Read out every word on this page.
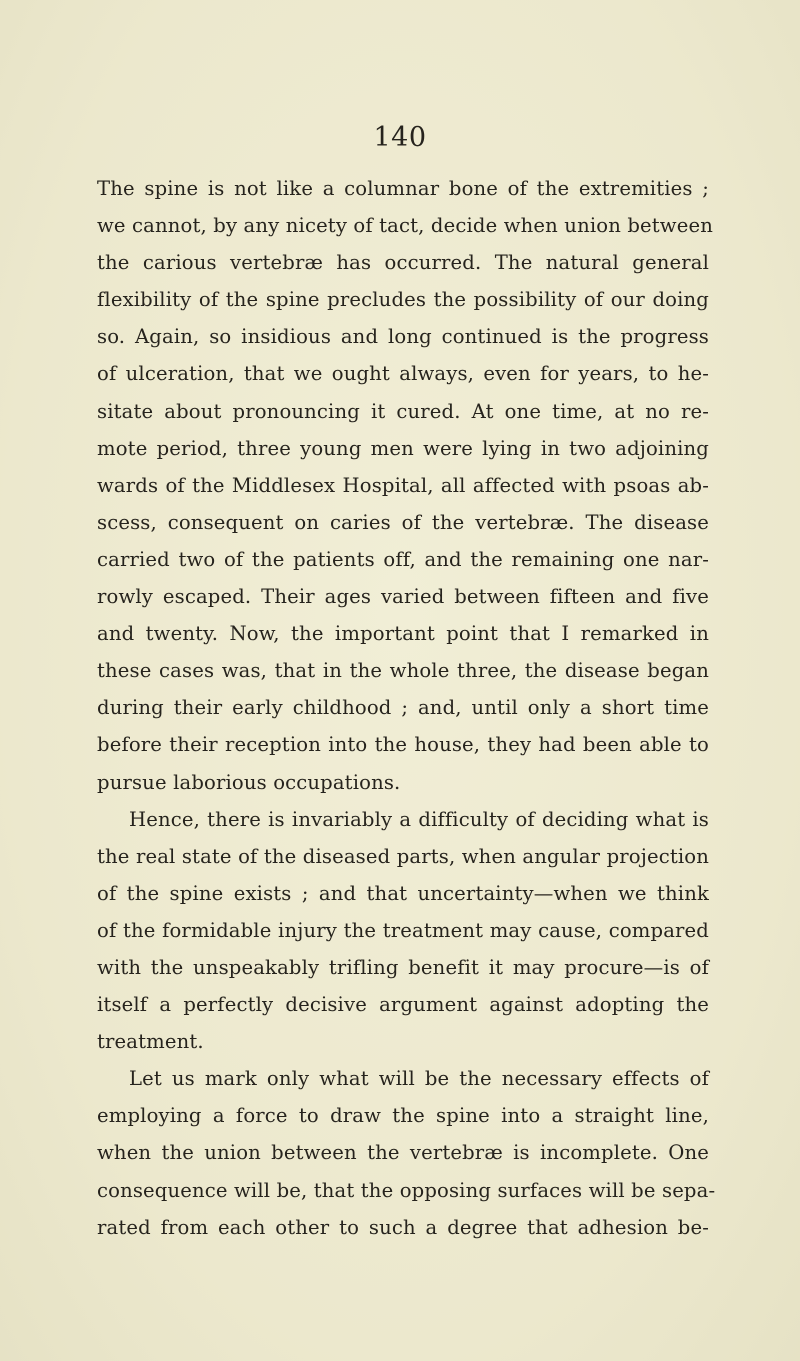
140
The spine is not like a columnar bone of the extremities ;
we cannot, by any nicety of tact, decide when union between
the carious vertebræ has occurred. The natural general
flexibility of the spine precludes the possibility of our doing
so. Again, so insidious and long continued is the progress
of ulceration, that we ought always, even for years, to he-
sitate about pronouncing it cured. At one time, at no re-
mote period, three young men were lying in two adjoining
wards of the Middlesex Hospital, all affected with psoas ab-
scess, consequent on caries of the vertebræ. The disease
carried two of the patients off, and the remaining one nar-
rowly escaped. Their ages varied between fifteen and five
and twenty. Now, the important point that I remarked in
these cases was, that in the whole three, the disease began
during their early childhood ; and, until only a short time
before their reception into the house, they had been able to
pursue laborious occupations.
Hence, there is invariably a difficulty of deciding what is
the real state of the diseased parts, when angular projection
of the spine exists ; and that uncertainty—when we think
of the formidable injury the treatment may cause, compared
with the unspeakably trifling benefit it may procure—is of
itself a perfectly decisive argument against adopting the
treatment.
Let us mark only what will be the necessary effects of
employing a force to draw the spine into a straight line,
when the union between the vertebræ is incomplete. One
consequence will be, that the opposing surfaces will be sepa-
rated from each other to such a degree that adhesion be-
